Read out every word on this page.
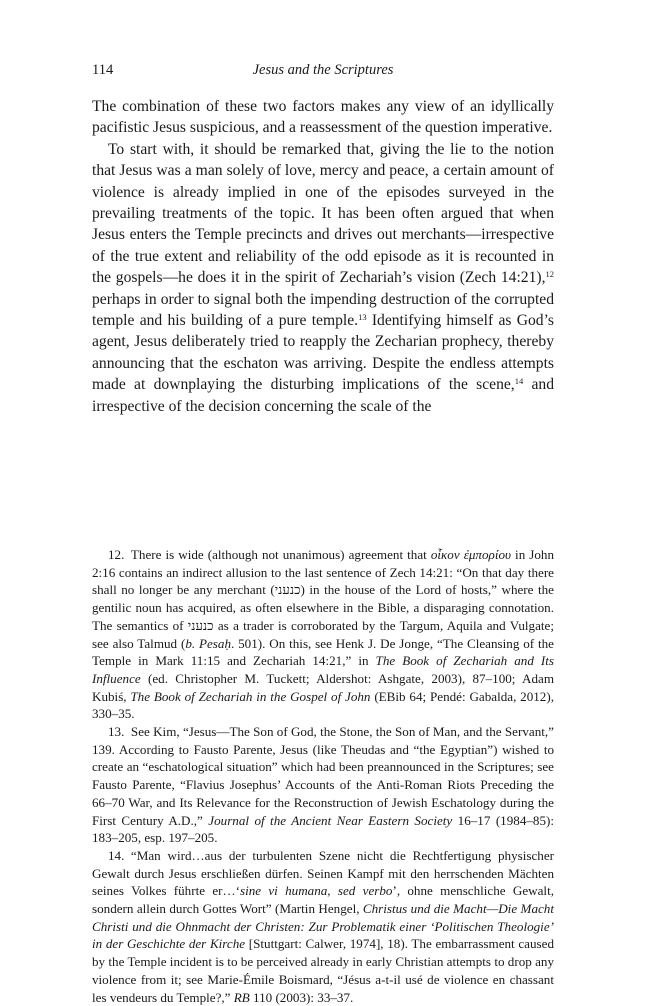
114	Jesus and the Scriptures

The combination of these two factors makes any view of an idyllically pacifistic Jesus suspicious, and a reassessment of the question imperative.

To start with, it should be remarked that, giving the lie to the notion that Jesus was a man solely of love, mercy and peace, a certain amount of violence is already implied in one of the episodes surveyed in the prevailing treatments of the topic. It has been often argued that when Jesus enters the Temple precincts and drives out merchants—irrespective of the true extent and reliability of the odd episode as it is recounted in the gospels—he does it in the spirit of Zechariah’s vision (Zech 14:21),$^{12}$ perhaps in order to signal both the impending destruction of the corrupted temple and his building of a pure temple.$^{13}$ Identifying himself as God’s agent, Jesus deliberately tried to reapply the Zecharian prophecy, thereby announcing that the eschaton was arriving. Despite the endless attempts made at downplaying the disturbing implications of the scene,$^{14}$ and irrespective of the decision concerning the scale of the

12. There is wide (although not unanimous) agreement that οἶκον ἐμπορίου in John 2:16 contains an indirect allusion to the last sentence of Zech 14:21: “On that day there shall no longer be any merchant (כנעני) in the house of the Lord of hosts,” where the gentilic noun has acquired, as often elsewhere in the Bible, a disparaging connotation. The semantics of כנעני as a trader is corroborated by the Targum, Aquila and Vulgate; see also Talmud (b. Pesaḥ. 501). On this, see Henk J. De Jonge, “The Cleansing of the Temple in Mark 11:15 and Zechariah 14:21,” in The Book of Zechariah and Its Influence (ed. Christopher M. Tuckett; Aldershot: Ashgate, 2003), 87–100; Adam Kubiś, The Book of Zechariah in the Gospel of John (EBib 64; Pendé: Gabalda, 2012), 330–35.

13. See Kim, “Jesus—The Son of God, the Stone, the Son of Man, and the Servant,” 139. According to Fausto Parente, Jesus (like Theudas and “the Egyptian”) wished to create an “eschatological situation” which had been preannounced in the Scriptures; see Fausto Parente, “Flavius Josephus’ Accounts of the Anti-Roman Riots Preceding the 66–70 War, and Its Relevance for the Reconstruction of Jewish Eschatology during the First Century A.D.,” Journal of the Ancient Near Eastern Society 16–17 (1984–85): 183–205, esp. 197–205.

14. “Man wird…aus der turbulenten Szene nicht die Rechtfertigung physischer Gewalt durch Jesus erschließen dürfen. Seinen Kampf mit den herrschenden Mächten seines Volkes führte er…‘sine vi humana, sed verbo’, ohne menschliche Gewalt, sondern allein durch Gottes Wort” (Martin Hengel, Christus und die Macht—Die Macht Christi und die Ohnmacht der Christen: Zur Problematik einer ‘Politischen Theologie’ in der Geschichte der Kirche [Stuttgart: Calwer, 1974], 18). The embarrassment caused by the Temple incident is to be perceived already in early Christian attempts to drop any violence from it; see Marie-Émile Boismard, “Jésus a-t-il usé de violence en chassant les vendeurs du Temple?,” RB 110 (2003): 33–37.
